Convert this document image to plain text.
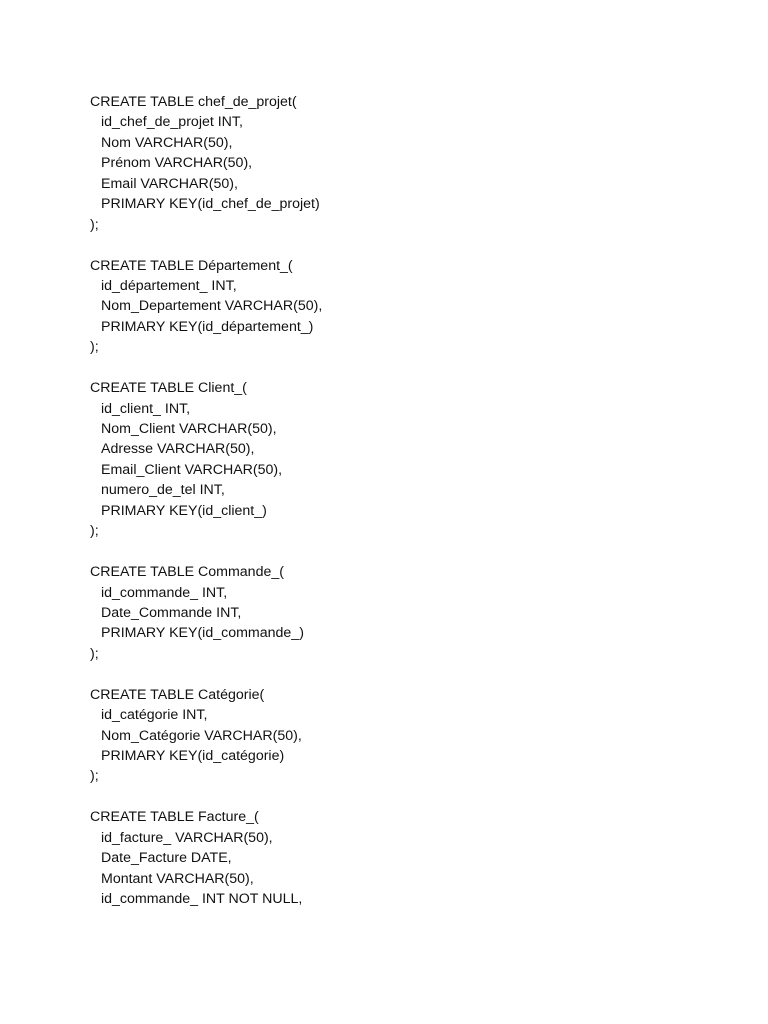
CREATE TABLE chef_de_projet(
id_chef_de_projet INT,
Nom VARCHAR(50),
Prénom VARCHAR(50),
Email VARCHAR(50),
PRIMARY KEY(id_chef_de_projet)
);
CREATE TABLE Département_(
id_département_ INT,
Nom_Departement VARCHAR(50),
PRIMARY KEY(id_département_)
);
CREATE TABLE Client_(
id_client_ INT,
Nom_Client VARCHAR(50),
Adresse VARCHAR(50),
Email_Client VARCHAR(50),
numero_de_tel INT,
PRIMARY KEY(id_client_)
);
CREATE TABLE Commande_(
id_commande_ INT,
Date_Commande INT,
PRIMARY KEY(id_commande_)
);
CREATE TABLE Catégorie(
id_catégorie INT,
Nom_Catégorie VARCHAR(50),
PRIMARY KEY(id_catégorie)
);
CREATE TABLE Facture_(
id_facture_ VARCHAR(50),
Date_Facture DATE,
Montant VARCHAR(50),
id_commande_ INT NOT NULL,
